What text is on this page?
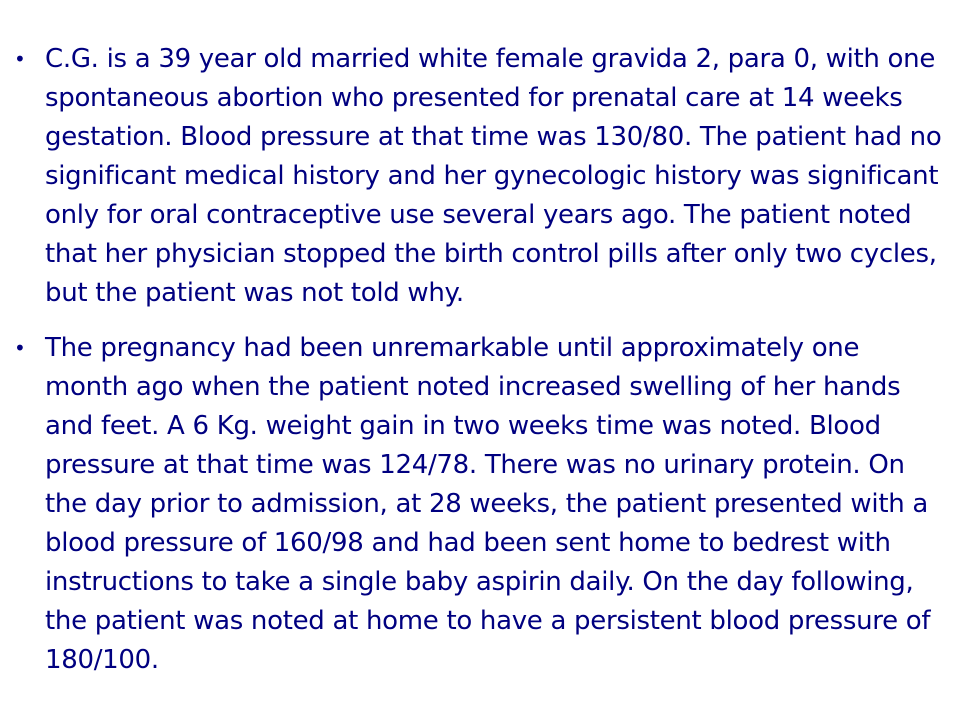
• C.G. is a 39 year old married white female gravida 2, para 0, with one spontaneous abortion who presented for prenatal care at 14 weeks gestation. Blood pressure at that time was 130/80. The patient had no significant medical history and her gynecologic history was significant only for oral contraceptive use several years ago. The patient noted that her physician stopped the birth control pills after only two cycles, but the patient was not told why.
• The pregnancy had been unremarkable until approximately one month ago when the patient noted increased swelling of her hands and feet. A 6 Kg. weight gain in two weeks time was noted. Blood pressure at that time was 124/78. There was no urinary protein. On the day prior to admission, at 28 weeks, the patient presented with a blood pressure of 160/98 and had been sent home to bedrest with instructions to take a single baby aspirin daily. On the day following, the patient was noted at home to have a persistent blood pressure of 180/100.
